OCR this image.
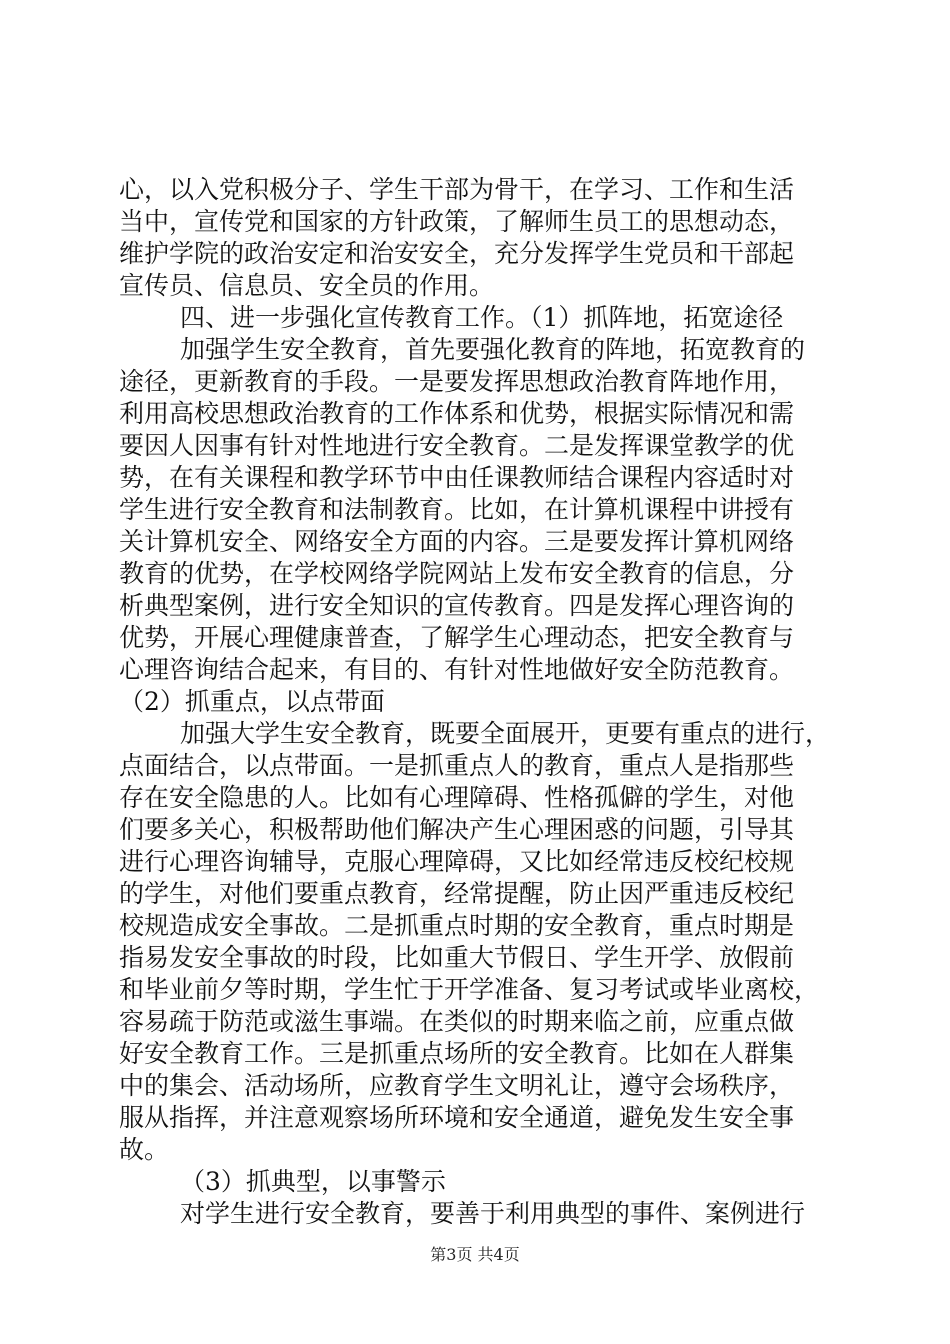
心，以入党积极分子、学生干部为骨干，在学习、工作和生活
当中，宣传党和国家的方针政策，了解师生员工的思想动态，
维护学院的政治安定和治安安全，充分发挥学生党员和干部起
宣传员、信息员、安全员的作用。
四、进一步强化宣传教育工作。（1）抓阵地，拓宽途径
加强学生安全教育，首先要强化教育的阵地，拓宽教育的
途径，更新教育的手段。一是要发挥思想政治教育阵地作用，
利用高校思想政治教育的工作体系和优势，根据实际情况和需
要因人因事有针对性地进行安全教育。二是发挥课堂教学的优
势，在有关课程和教学环节中由任课教师结合课程内容适时对
学生进行安全教育和法制教育。比如，在计算机课程中讲授有
关计算机安全、网络安全方面的内容。三是要发挥计算机网络
教育的优势，在学校网络学院网站上发布安全教育的信息，分
析典型案例，进行安全知识的宣传教育。四是发挥心理咨询的
优势，开展心理健康普查，了解学生心理动态，把安全教育与
心理咨询结合起来，有目的、有针对性地做好安全防范教育。
（2）抓重点，以点带面
加强大学生安全教育，既要全面展开，更要有重点的进行，
点面结合，以点带面。一是抓重点人的教育，重点人是指那些
存在安全隐患的人。比如有心理障碍、性格孤僻的学生，对他
们要多关心，积极帮助他们解决产生心理困惑的问题，引导其
进行心理咨询辅导，克服心理障碍，又比如经常违反校纪校规
的学生，对他们要重点教育，经常提醒，防止因严重违反校纪
校规造成安全事故。二是抓重点时期的安全教育，重点时期是
指易发安全事故的时段，比如重大节假日、学生开学、放假前
和毕业前夕等时期，学生忙于开学准备、复习考试或毕业离校，
容易疏于防范或滋生事端。在类似的时期来临之前，应重点做
好安全教育工作。三是抓重点场所的安全教育。比如在人群集
中的集会、活动场所，应教育学生文明礼让，遵守会场秩序，
服从指挥，并注意观察场所环境和安全通道，避免发生安全事
故。
（3）抓典型，以事警示
对学生进行安全教育，要善于利用典型的事件、案例进行
第3页 共4页
